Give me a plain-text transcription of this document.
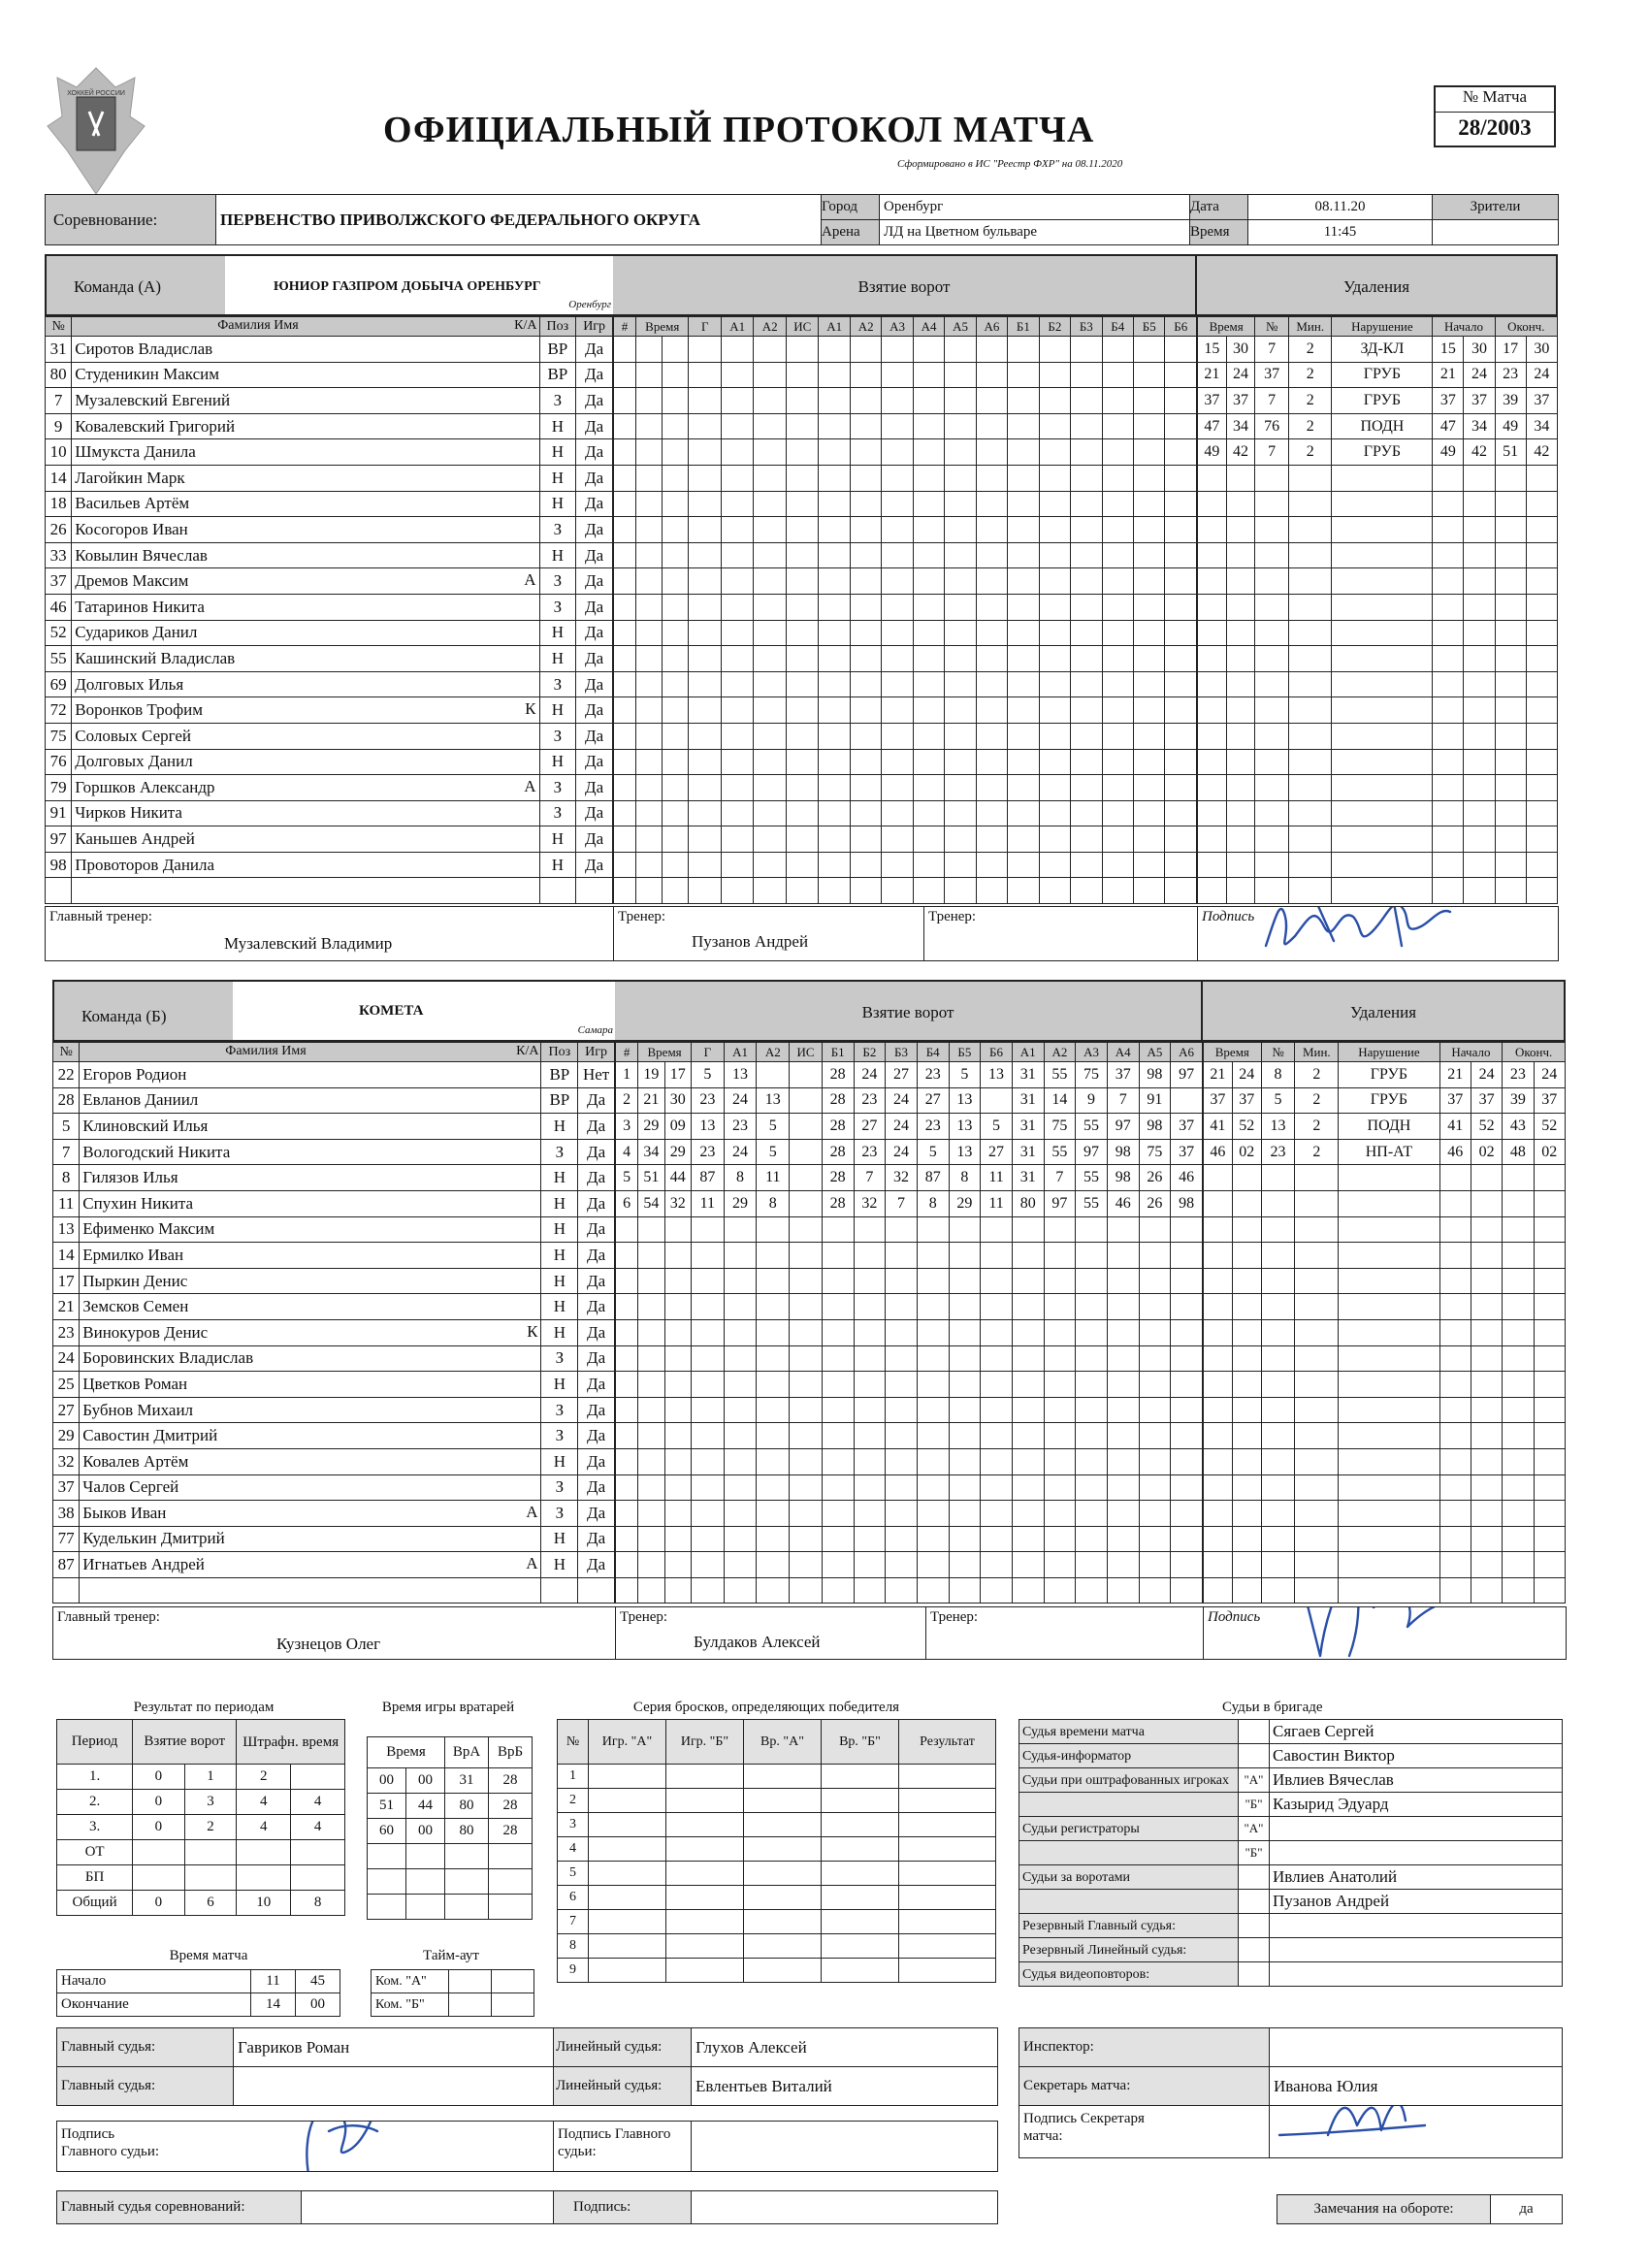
ХОККЕЙ РОССИИ
ОФИЦИАЛЬНЫЙ ПРОТОКОЛ МАТЧА
Сформировано в ИС "Реестр ФХР" на 08.11.2020
№ Матча
28/2003
Соревнование:	ПЕРВЕНСТВО ПРИВОЛЖСКОГО ФЕДЕРАЛЬНОГО ОКРУГА	Город	Оренбург	Дата	08.11.20	Зрители
		Арена	ЛД на Цветном бульваре	Время	11:45	
Команда (А)	ЮНИОР ГАЗПРОМ ДОБЫЧА ОРЕНБУРГ
Оренбург
Взятие ворот	Удаления
№	Фамилия Имя К/А		Поз	Игр
31	Сиротов Владислав		ВР	Да
80	Студеникин Максим		ВР	Да
7	Музалевский Евгений		З	Да
9	Ковалевский Григорий		Н	Да
10	Шмукста Данила		Н	Да
14	Лагойкин Марк		Н	Да
18	Васильев Артём		Н	Да
26	Косогоров Иван		З	Да
33	Ковылин Вячеслав		Н	Да
37	Дремов Максим А		З	Да
46	Татаринов Никита		З	Да
52	Судариков Данил		Н	Да
55	Кашинский Владислав		Н	Да
69	Долговых Илья		З	Да
72	Воронков Трофим К		Н	Да
75	Соловых Сергей		З	Да
76	Долговых Данил		Н	Да
79	Горшков Александр А		З	Да
91	Чирков Никита		З	Да
97	Каньшев Андрей		Н	Да
98	Провоторов Данила		Н	Да

#	Время		Г	А1	А2	ИС	А1	А2	А3	А4	А5	А6	Б1	Б2	Б3	Б4	Б5	Б6

																		Время		№	Мин.	Нарушение	Начало		Оконч.	
15	30	7	2	ЗД-КЛ	15	30	17	30
21	24	37	2	ГРУБ	21	24	23	24
37	37	7	2	ГРУБ	37	37	39	37
47	34	76	2	ПОДН	47	34	49	34
49	42	7	2	ГРУБ	49	42	51	42

Главный тренер:
Музалевский Владимир

Тренер:
Пузанов Андрей

Тренер:	Подпись
Команда (Б)	КОМЕТА
Самара
Взятие ворот	Удаления
№	Фамилия Имя К/А		Поз	Игр
22	Егоров Родион		ВР	Нет
28	Евланов Даниил		ВР	Да
5	Клиновский Илья		Н	Да
7	Вологодский Никита		З	Да
8	Гилязов Илья		Н	Да
11	Спухин Никита		Н	Да
13	Ефименко Максим		Н	Да
14	Ермилко Иван		Н	Да
17	Пыркин Денис		Н	Да
21	Земсков Семен		Н	Да
23	Винокуров Денис К		Н	Да
24	Боровинских Владислав		З	Да
25	Цветков Роман		Н	Да
27	Бубнов Михаил		З	Да
29	Савостин Дмитрий		З	Да
32	Ковалев Артём		Н	Да
37	Чалов Сергей		З	Да
38	Быков Иван А		З	Да
77	Куделькин Дмитрий		Н	Да
87	Игнатьев Андрей А		Н	Да

#	Время		Г	А1	А2	ИС	Б1	Б2	Б3	Б4	Б5	Б6	А1	А2	А3	А4	А5	А6
1	19	17	5	13			28	24	27	23	5	13	31	55	75	37	98	97
2	21	30	23	24	13		28	23	24	27	13		31	14	9	7	91	
3	29	09	13	23	5		28	27	24	23	13	5	31	75	55	97	98	37
4	34	29	23	24	5		28	23	24	5	13	27	31	55	97	98	75	37
5	51	44	87	8	11		28	7	32	87	8	11	31	7	55	98	26	46
6	54	32	11	29	8		28	32	7	8	29	11	80	97	55	46	26	98

Время		№	Мин.	Нарушение	Начало		Оконч.	
21	24	8	2	ГРУБ	21	24	23	24
37	37	5	2	ГРУБ	37	37	39	37
41	52	13	2	ПОДН	41	52	43	52
46	02	23	2	НП-АТ	46	02	48	02

Главный тренер:
Кузнецов Олег

Тренер:
Булдаков Алексей

Тренер:	Подпись
Результат по периодам
Период	Взятие ворот		Штрафн. время	
1.	0	1	2	
2.	0	3	4	4
3.	0	2	4	4
ОТ				
БП				
Общий	0	6	10	8
Время игры вратарей
Время		ВрА	ВрБ
00	00	31	28
51	44	80	28
60	00	80	28

Время матча
Начало	11	45
Окончание	14	00
Тайм-аут
Ком. "А"		
Ком. "Б"		
Серия бросков, определяющих победителя
№	Игр. "А"	Игр. "Б"	Вр. "А"	Вр. "Б"	Результат
1					
2					
3					
4					
5					
6					
7					
8					
9					
Судьи в бригаде
Судья времени матча		Сягаев Сергей
Судья-информатор		Савостин Виктор
Судьи при оштрафованных игроках	"А"	Ивлиев Вячеслав
	"Б"	Казырид Эдуард
Судьи регистраторы	"А"	
	"Б"	
Судьи за воротами		Ивлиев Анатолий
		Пузанов Андрей
Резервный Главный судья:		
Резервный Линейный судья:		
Судья видеоповторов:		
Главный судья:	Гавриков Роман	Линейный судья:	Глухов Алексей
Главный судья:		Линейный судья:	Евлентьев Виталий
Подпись Главного судьи:

Подпись Главного судьи:

Главный судья соревнований:		Подпись:	
Инспектор:	
Секретарь матча:	Иванова Юлия

Подпись Секретаря матча:

Замечания на обороте:	да
